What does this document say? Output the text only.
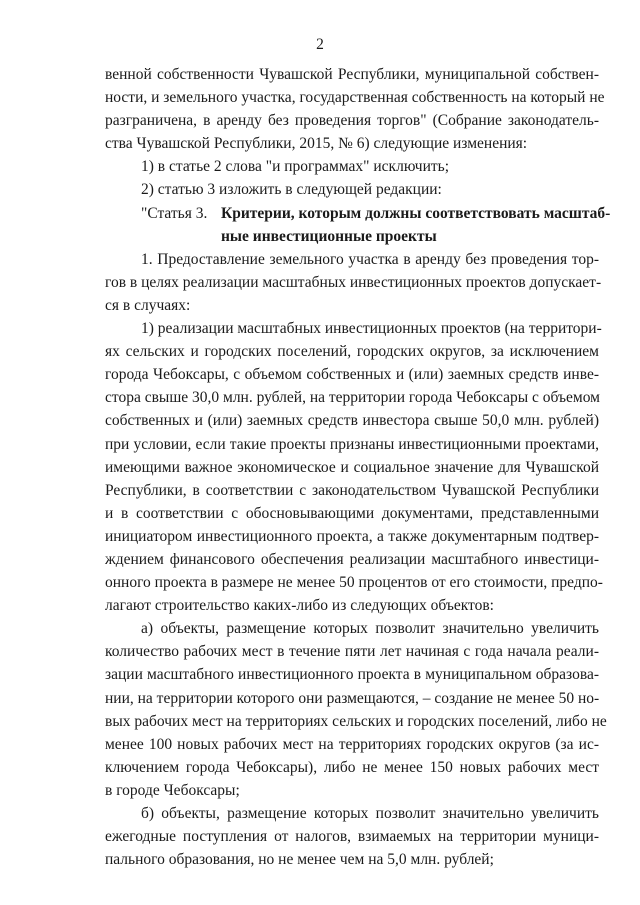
2
венной собственности Чувашской Республики, муниципальной собствен-
ности, и земельного участка, государственная собственность на который не
разграничена, в аренду без проведения торгов" (Собрание законодатель-
ства Чувашской Республики, 2015, № 6) следующие изменения:
1) в статье 2 слова "и программах" исключить;
2) статью 3 изложить в следующей редакции:
"Статья 3. Критерии, которым должны соответствовать масштаб-
ные инвестиционные проекты
1. Предоставление земельного участка в аренду без проведения тор-
гов в целях реализации масштабных инвестиционных проектов допускает-
ся в случаях:
1) реализации масштабных инвестиционных проектов (на территори-
ях сельских и городских поселений, городских округов, за исключением
города Чебоксары, с объемом собственных и (или) заемных средств инве-
стора свыше 30,0 млн. рублей, на территории города Чебоксары с объемом
собственных и (или) заемных средств инвестора свыше 50,0 млн. рублей)
при условии, если такие проекты признаны инвестиционными проектами,
имеющими важное экономическое и социальное значение для Чувашской
Республики, в соответствии с законодательством Чувашской Республики
и в соответствии с обосновывающими документами, представленными
инициатором инвестиционного проекта, а также документарным подтвер-
ждением финансового обеспечения реализации масштабного инвестици-
онного проекта в размере не менее 50 процентов от его стоимости, предпо-
лагают строительство каких-либо из следующих объектов:
а) объекты, размещение которых позволит значительно увеличить
количество рабочих мест в течение пяти лет начиная с года начала реали-
зации масштабного инвестиционного проекта в муниципальном образова-
нии, на территории которого они размещаются, – создание не менее 50 но-
вых рабочих мест на территориях сельских и городских поселений, либо не
менее 100 новых рабочих мест на территориях городских округов (за ис-
ключением города Чебоксары), либо не менее 150 новых рабочих мест
в городе Чебоксары;
б) объекты, размещение которых позволит значительно увеличить
ежегодные поступления от налогов, взимаемых на территории муници-
пального образования, но не менее чем на 5,0 млн. рублей;
